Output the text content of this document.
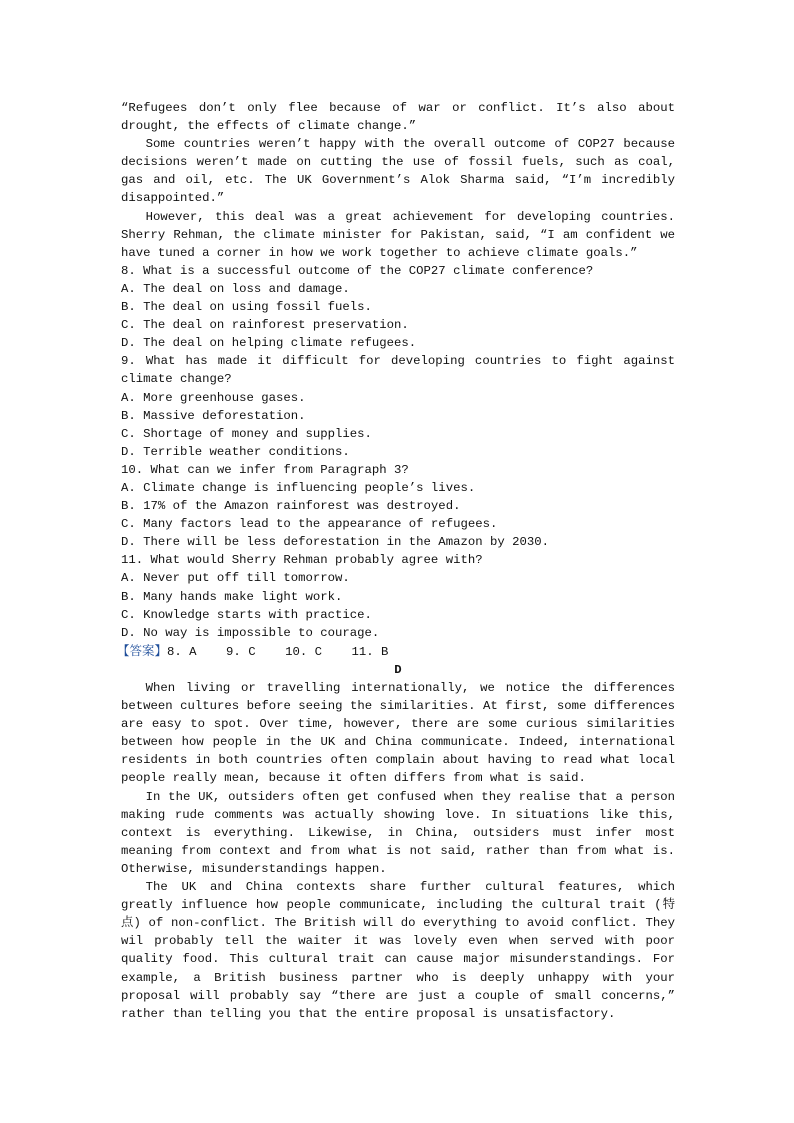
“Refugees don’t only flee because of war or conflict. It’s also about drought, the effects of climate change.”

Some countries weren’t happy with the overall outcome of COP27 because decisions weren’t made on cutting the use of fossil fuels, such as coal, gas and oil, etc. The UK Government’s Alok Sharma said, “I’m incredibly disappointed.”

However, this deal was a great achievement for developing countries. Sherry Rehman, the climate minister for Pakistan, said, “I am confident we have tuned a corner in how we work together to achieve climate goals.”

8. What is a successful outcome of the COP27 climate conference?

A. The deal on loss and damage.

B. The deal on using fossil fuels.

C. The deal on rainforest preservation.

D. The deal on helping climate refugees.

9. What has made it difficult for developing countries to fight against climate change?

A. More greenhouse gases.

B. Massive deforestation.

C. Shortage of money and supplies.

D. Terrible weather conditions.

10. What can we infer from Paragraph 3?

A. Climate change is influencing people’s lives.

B. 17% of the Amazon rainforest was destroyed.

C. Many factors lead to the appearance of refugees.

D. There will be less deforestation in the Amazon by 2030.

11. What would Sherry Rehman probably agree with?

A. Never put off till tomorrow.

B. Many hands make light work.

C. Knowledge starts with practice.

D. No way is impossible to courage.

【答案】8. A    9. C    10. C    11. B

D

When living or travelling internationally, we notice the differences between cultures before seeing the similarities. At first, some differences are easy to spot. Over time, however, there are some curious similarities between how people in the UK and China communicate. Indeed, international residents in both countries often complain about having to read what local people really mean, because it often differs from what is said.

In the UK, outsiders often get confused when they realise that a person making rude comments was actually showing love. In situations like this, context is everything. Likewise, in China, outsiders must infer most meaning from context and from what is not said, rather than from what is. Otherwise, misunderstandings happen.

The UK and China contexts share further cultural features, which greatly influence how people communicate, including the cultural trait (特点) of non-conflict. The British will do everything to avoid conflict. They wil probably tell the waiter it was lovely even when served with poor quality food. This cultural trait can cause major misunderstandings. For example, a British business partner who is deeply unhappy with your proposal will probably say “there are just a couple of small concerns,” rather than telling you that the entire proposal is unsatisfactory.
